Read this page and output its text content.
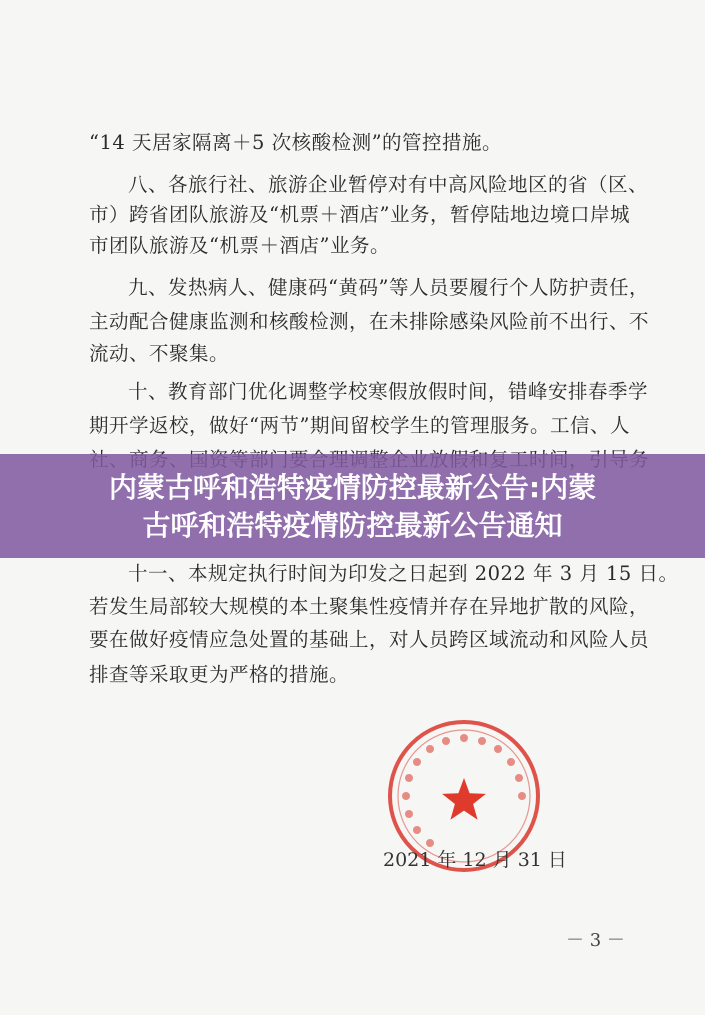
“14 天居家隔离＋5 次核酸检测”的管控措施。
八、各旅行社、旅游企业暂停对有中高风险地区的省（区、
市）跨省团队旅游及“机票＋酒店”业务，暂停陆地边境口岸城
市团队旅游及“机票＋酒店”业务。
九、发热病人、健康码“黄码”等人员要履行个人防护责任，
主动配合健康监测和核酸检测，在未排除感染风险前不出行、不
流动、不聚集。
十、教育部门优化调整学校寒假放假时间，错峰安排春季学
期开学返校，做好“两节”期间留校学生的管理服务。工信、人
十一、本规定执行时间为印发之日起到 2022 年 3 月 15 日。
若发生局部较大规模的本土聚集性疫情并存在异地扩散的风险，
要在做好疫情应急处置的基础上，对人员跨区域流动和风险人员
排查等采取更为严格的措施。
内蒙古呼和浩特疫情防控最新公告:内蒙
古呼和浩特疫情防控最新公告通知
2021 年 12 月 31 日
－ 3 －
